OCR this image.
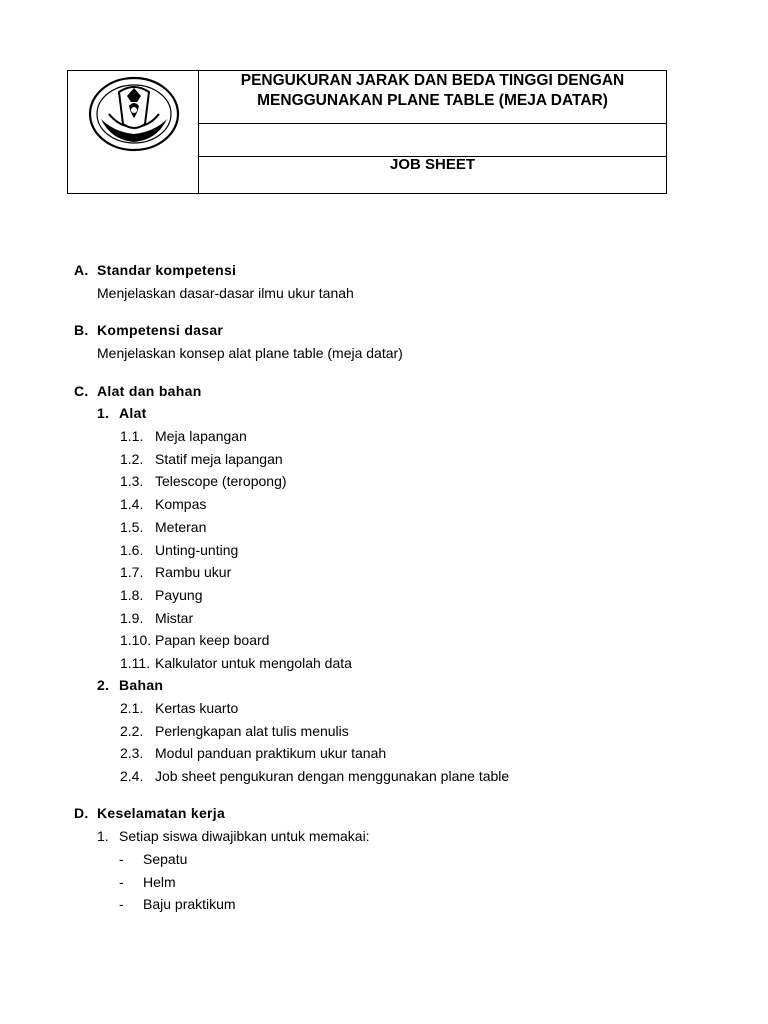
PENGUKURAN JARAK DAN BEDA TINGGI DENGAN
MENGGUNAKAN PLANE TABLE (MEJA DATAR)
JOB SHEET
A. Standar kompetensi
Menjelaskan dasar-dasar ilmu ukur tanah
B. Kompetensi dasar
Menjelaskan konsep alat plane table (meja datar)
C. Alat dan bahan
1. Alat
1.1. Meja lapangan
1.2. Statif meja lapangan
1.3. Telescope (teropong)
1.4. Kompas
1.5. Meteran
1.6. Unting-unting
1.7. Rambu ukur
1.8. Payung
1.9. Mistar
1.10. Papan keep board
1.11. Kalkulator untuk mengolah data
2. Bahan
2.1. Kertas kuarto
2.2. Perlengkapan alat tulis menulis
2.3. Modul panduan praktikum ukur tanah
2.4. Job sheet pengukuran dengan menggunakan plane table
D. Keselamatan kerja
1. Setiap siswa diwajibkan untuk memakai:
- Sepatu
- Helm
- Baju praktikum
